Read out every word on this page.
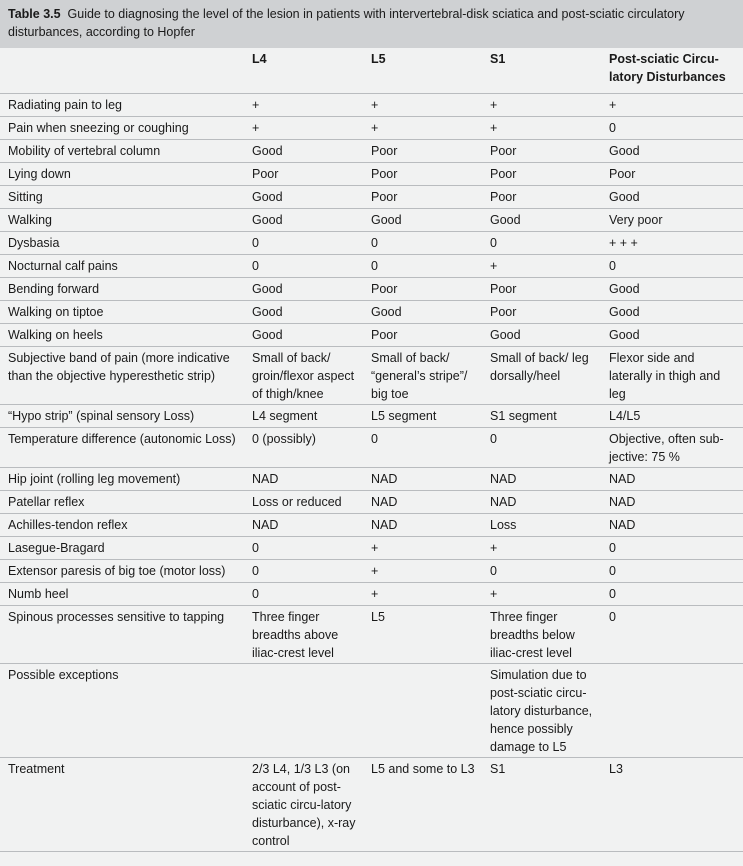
Table 3.5 Guide to diagnosing the level of the lesion in patients with intervertebral-disk sciatica and post-sciatic circulatory disturbances, according to Hopfer
	L4	L5	S1	Post-sciatic Circu-latory Disturbances
Radiating pain to leg	+	+	+	+
Pain when sneezing or coughing	+	+	+	0
Mobility of vertebral column	Good	Poor	Poor	Good
Lying down	Poor	Poor	Poor	Poor
Sitting	Good	Poor	Poor	Good
Walking	Good	Good	Good	Very poor
Dysbasia	0	0	0	+ + +
Nocturnal calf pains	0	0	+	0
Bending forward	Good	Poor	Poor	Good
Walking on tiptoe	Good	Good	Poor	Good
Walking on heels	Good	Poor	Good	Good
Subjective band of pain (more indicative than the objective hyperesthetic strip)	Small of back/ groin/flexor aspect of thigh/knee	Small of back/ “general’s stripe”/ big toe	Small of back/ leg dorsally/heel	Flexor side and laterally in thigh and leg
“Hypo strip” (spinal sensory Loss)	L4 segment	L5 segment	S1 segment	L4/L5
Temperature difference (autonomic Loss)	0 (possibly)	0	0	Objective, often sub-jective: 75 %
Hip joint (rolling leg movement)	NAD	NAD	NAD	NAD
Patellar reflex	Loss or reduced	NAD	NAD	NAD
Achilles-tendon reflex	NAD	NAD	Loss	NAD
Lasegue-Bragard	0	+	+	0
Extensor paresis of big toe (motor loss)	0	+	0	0
Numb heel	0	+	+	0
Spinous processes sensitive to tapping	Three finger breadths above iliac-crest level	L5	Three finger breadths below iliac-crest level	0
Possible exceptions			Simulation due to post-sciatic circu-latory disturbance, hence possibly damage to L5	
Treatment	2/3 L4, 1/3 L3 (on account of post-sciatic circu-latory disturbance), x-ray control	L5 and some to L3	S1	L3
